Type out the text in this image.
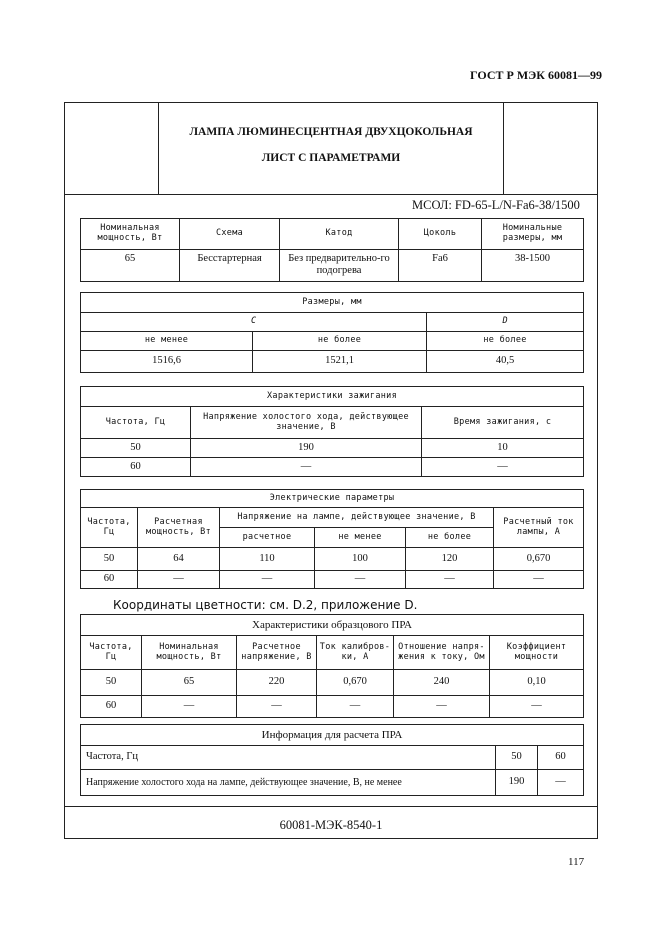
ГОСТ Р МЭК 60081—99
ЛАМПА ЛЮМИНЕСЦЕНТНАЯ ДВУХЦОКОЛЬНАЯ
ЛИСТ С ПАРАМЕТРАМИ
МСОЛ: FD-65-L/N-Fa6-38/1500
Номинальная мощность, Вт	Схема	Катод	Цоколь	Номинальные размеры, мм
65	Бесстартерная	Без предварительно-го подогрева	Fa6	38-1500
Размеры, мм		
C		D
не менее	не более	не более
1516,6	1521,1	40,5
Характеристики зажигания		
Частота, Гц	Напряжение холостого хода, действующее значение, В	Время зажигания, с
50	190	10
60	—	—
Электрические параметры					
Частота, Гц	Расчетная мощность, Вт	Напряжение на лампе, действующее значение, В			Расчетный ток лампы, А
		расчетное	не менее	не более	
50	64	110	100	120	0,670
60	—	—	—	—	—
Координаты цветности: см. D.2, приложение D.
Характеристики образцового ПРА					
Частота, Гц	Номинальная мощность, Вт	Расчетное напряжение, В	Ток калибров-ки, А	Отношение напря-жения к току, Ом	Коэффициент мощности
50	65	220	0,670	240	0,10
60	—	—	—	—	—
Информация для расчета ПРА		
Частота, Гц	50	60
Напряжение холостого хода на лампе, действующее значение, В, не менее	190	—
60081-МЭК-8540-1
117
